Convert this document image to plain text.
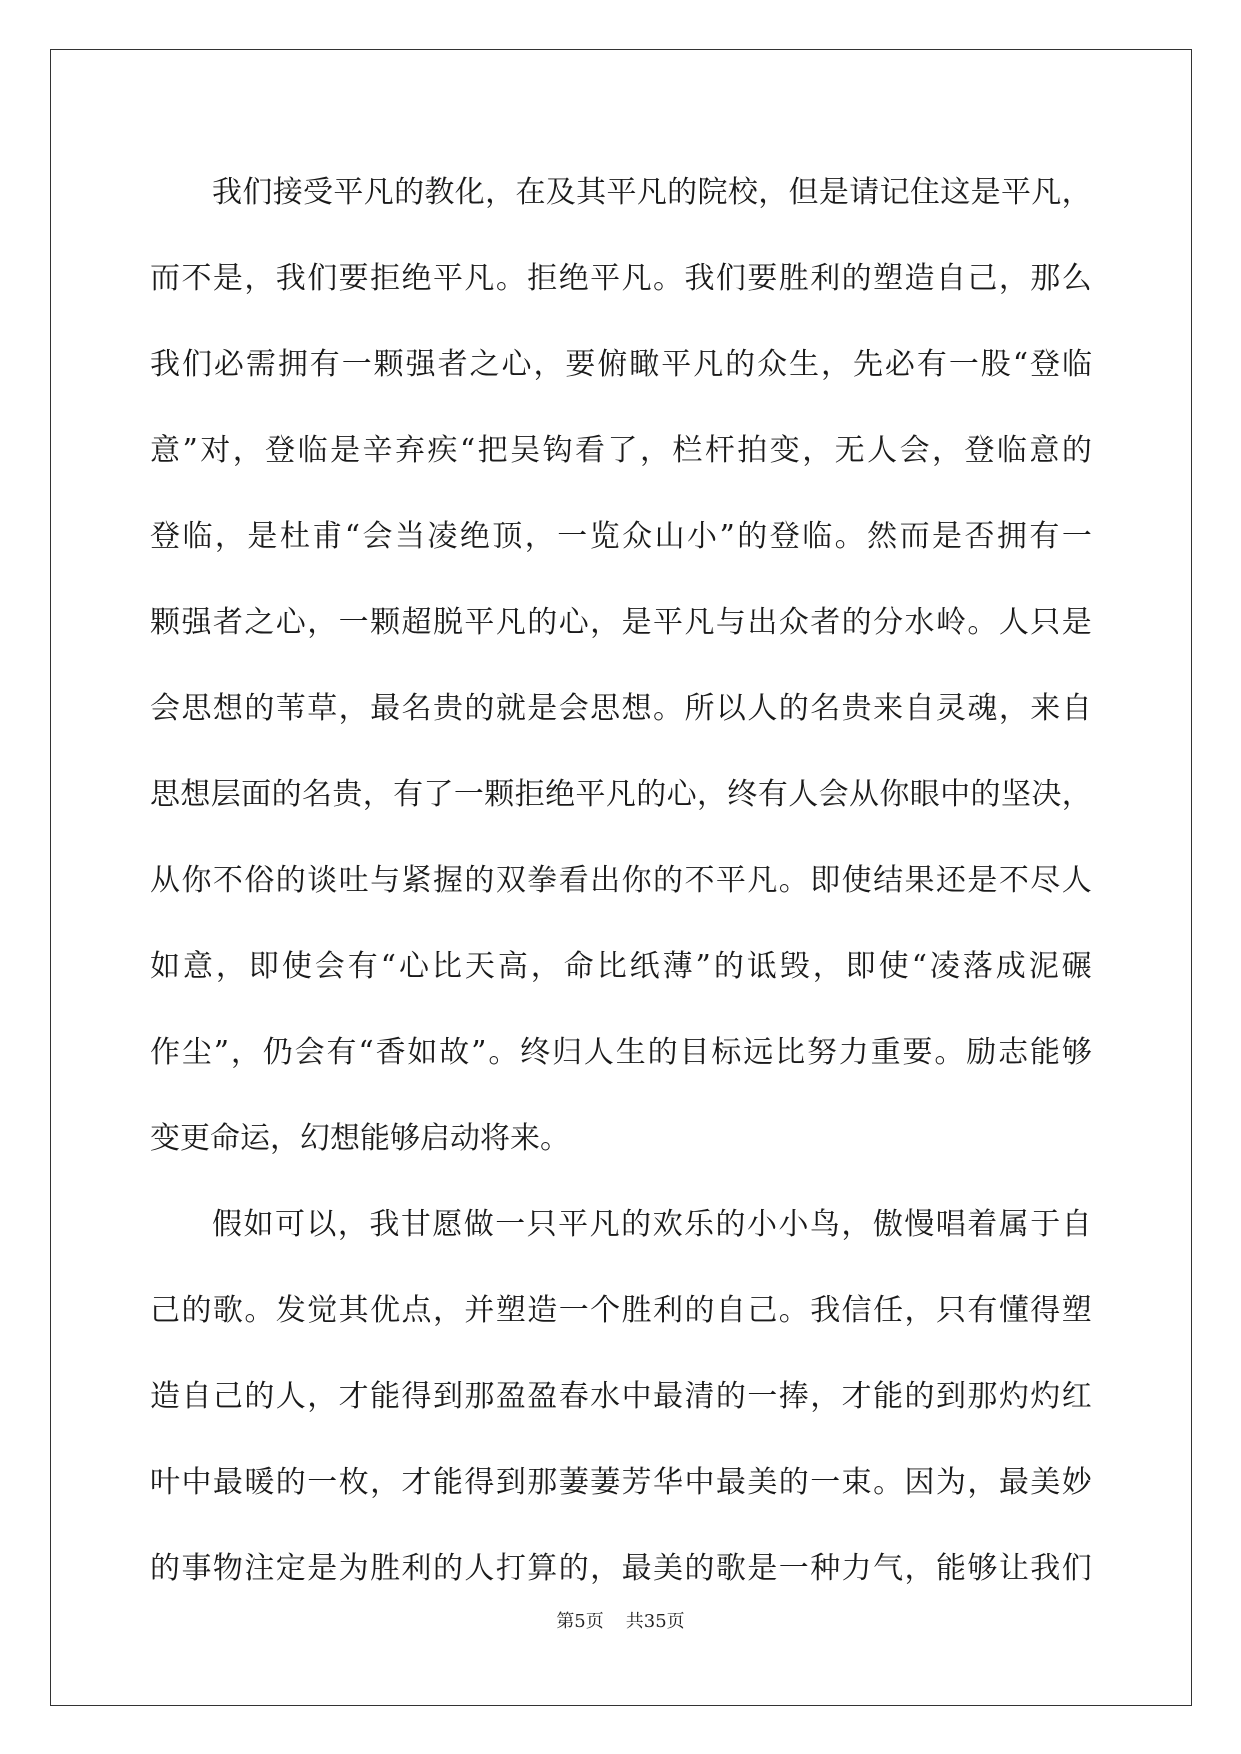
我 们 接 受 平 凡 的 教 化 ， 在 及 其 平 凡 的 院 校 ， 但 是 请 记 住 这 是 平 凡 ，
而 不 是 ， 我 们 要 拒 绝 平 凡 。 拒 绝 平 凡 。 我 们 要 胜 利 的 塑 造 自 己 ， 那 么
我 们 必 需 拥 有 一 颗 强 者 之 心 ， 要 俯 瞰 平 凡 的 众 生 ， 先 必 有 一 股 “ 登 临
意 ” 对 ， 登 临 是 辛 弃 疾 “ 把 吴 钩 看 了 ， 栏 杆 拍 变 ， 无 人 会 ， 登 临 意 的
登 临 ， 是 杜 甫 “ 会 当 凌 绝 顶 ， 一 览 众 山 小 ” 的 登 临 。 然 而 是 否 拥 有 一
颗 强 者 之 心 ， 一 颗 超 脱 平 凡 的 心 ， 是 平 凡 与 出 众 者 的 分 水 岭 。 人 只 是
会 思 想 的 苇 草 ， 最 名 贵 的 就 是 会 思 想 。 所 以 人 的 名 贵 来 自 灵 魂 ， 来 自
思 想 层 面 的 名 贵 ， 有 了 一 颗 拒 绝 平 凡 的 心 ， 终 有 人 会 从 你 眼 中 的 坚 决 ，
从 你 不 俗 的 谈 吐 与 紧 握 的 双 拳 看 出 你 的 不 平 凡 。 即 使 结 果 还 是 不 尽 人
如 意 ， 即 使 会 有 “ 心 比 天 高 ， 命 比 纸 薄 ” 的 诋 毁 ， 即 使 “ 凌 落 成 泥 碾
作 尘 ” ， 仍 会 有 “ 香 如 故 ” 。 终 归 人 生 的 目 标 远 比 努 力 重 要 。 励 志 能 够
变更命运，幻想能够启动将来。
假 如 可 以 ， 我 甘 愿 做 一 只 平 凡 的 欢 乐 的 小 小 鸟 ， 傲 慢 唱 着 属 于 自
己 的 歌 。 发 觉 其 优 点 ， 并 塑 造 一 个 胜 利 的 自 己 。 我 信 任 ， 只 有 懂 得 塑
造 自 己 的 人 ， 才 能 得 到 那 盈 盈 春 水 中 最 清 的 一 捧 ， 才 能 的 到 那 灼 灼 红
叶 中 最 暖 的 一 枚 ， 才 能 得 到 那 萋 萋 芳 华 中 最 美 的 一 束 。 因 为 ， 最 美 妙
的 事 物 注 定 是 为 胜 利 的 人 打 算 的 ， 最 美 的 歌 是 一 种 力 气 ， 能 够 让 我 们
第5页 共35页
